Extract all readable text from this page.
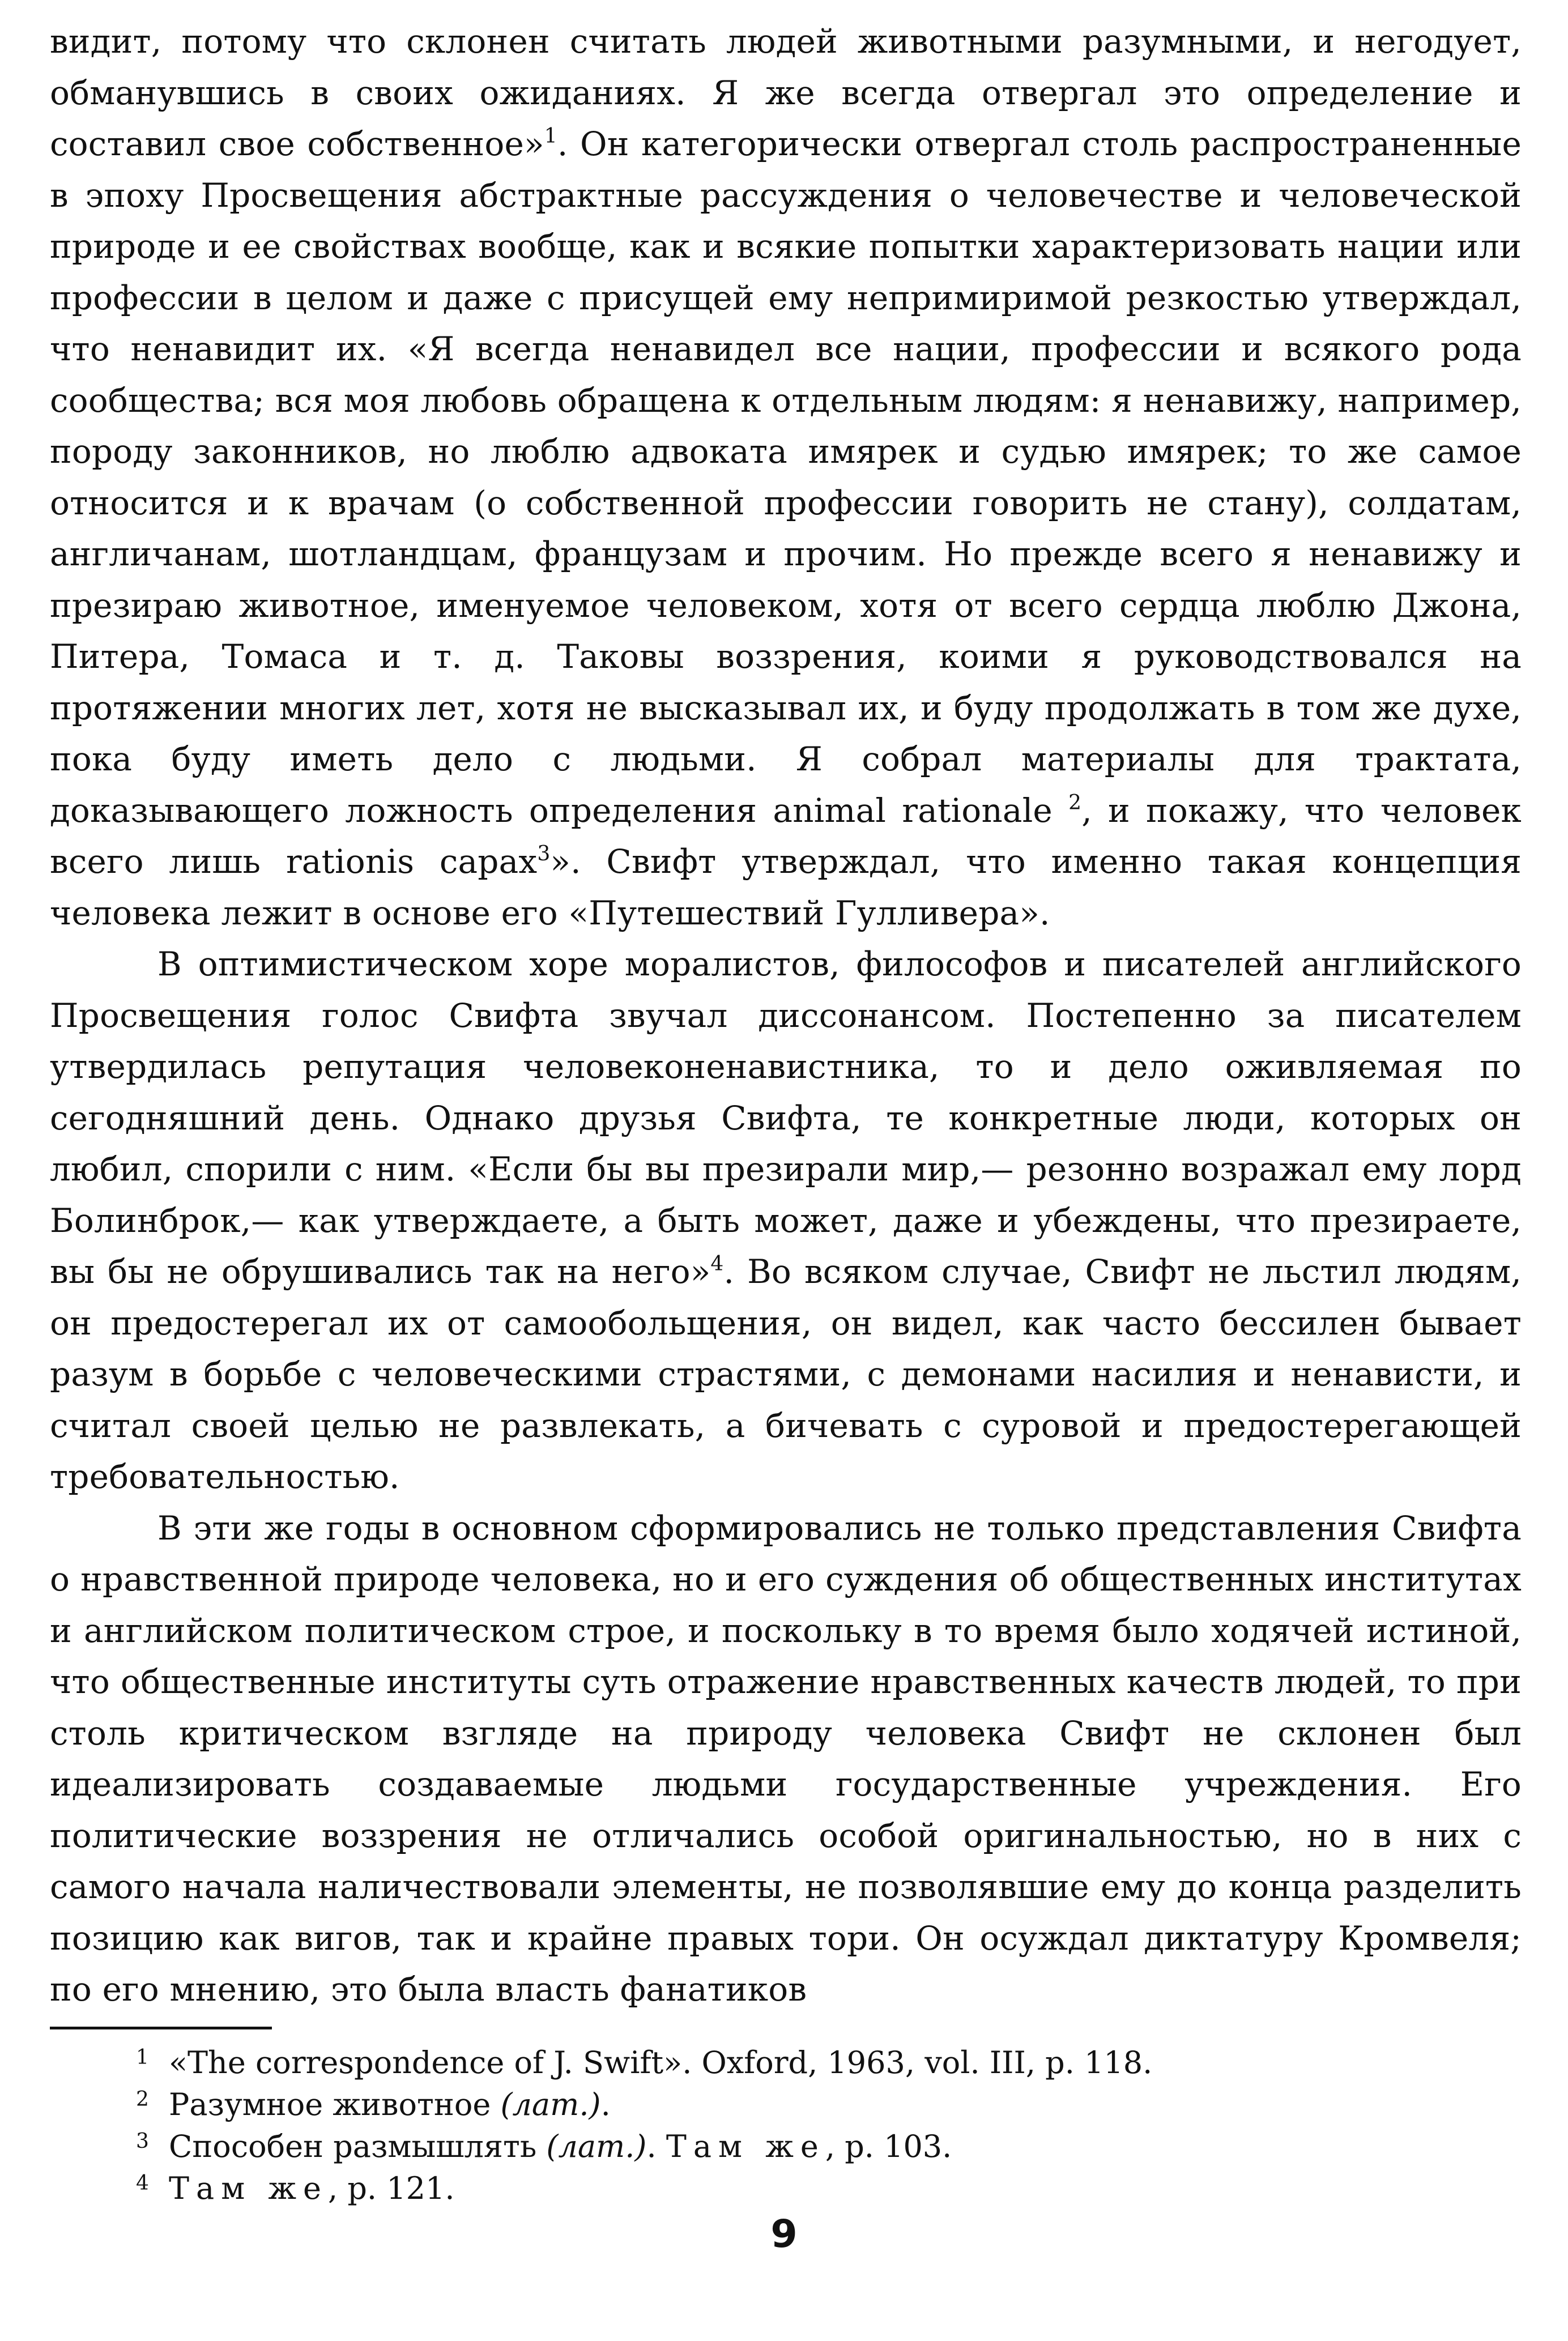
видит, потому что склонен считать людей животными разумными, и негодует, обманувшись в своих ожиданиях. Я же всегда отвергал это определение и составил свое собственное»$^1$. Он категорически отвергал столь распространенные в эпоху Просвещения абстрактные рассуждения о человечестве и человеческой природе и ее свойствах вообще, как и всякие попытки характеризовать нации или профессии в целом и даже с присущей ему непримиримой резкостью утверждал, что ненавидит их. «Я всегда ненавидел все нации, профессии и всякого рода сообщества; вся моя любовь обращена к отдельным людям: я ненавижу, например, породу законников, но люблю адвоката имярек и судью имярек; то же самое относится и к врачам (о собственной профессии говорить не стану), солдатам, англичанам, шотландцам, французам и прочим. Но прежде всего я ненавижу и презираю животное, именуемое человеком, хотя от всего сердца люблю Джона, Питера, Томаса и т. д. Таковы воззрения, коими я руководствовался на протяжении многих лет, хотя не высказывал их, и буду продолжать в том же духе, пока буду иметь дело с людьми. Я собрал материалы для трактата, доказывающего ложность определения animal rationale $^2$, и покажу, что человек всего лишь rationis capax$^3$». Свифт утверждал, что именно такая концепция человека лежит в основе его «Путешествий Гулливера».

В оптимистическом хоре моралистов, философов и писателей английского Просвещения голос Свифта звучал диссонансом. Постепенно за писателем утвердилась репутация человеконенавистника, то и дело оживляемая по сегодняшний день. Однако друзья Свифта, те конкретные люди, которых он любил, спорили с ним. «Если бы вы презирали мир,— резонно возражал ему лорд Болинброк,— как утверждаете, а быть может, даже и убеждены, что презираете, вы бы не обрушивались так на него»$^4$. Во всяком случае, Свифт не льстил людям, он предостерегал их от самообольщения, он видел, как часто бессилен бывает разум в борьбе с человеческими страстями, с демонами насилия и ненависти, и считал своей целью не развлекать, а бичевать с суровой и предостерегающей требовательностью.

В эти же годы в основном сформировались не только представления Свифта о нравственной природе человека, но и его суждения об общественных институтах и английском политическом строе, и поскольку в то время было ходячей истиной, что общественные институты суть отражение нравственных качеств людей, то при столь критическом взгляде на природу человека Свифт не склонен был идеализировать создаваемые людьми государственные учреждения. Его политические воззрения не отличались особой оригинальностью, но в них с самого начала наличествовали элементы, не позволявшие ему до конца разделить позицию как вигов, так и крайне правых тори. Он осуждал диктатуру Кромвеля; по его мнению, это была власть фанатиков

1 «The correspondence of J. Swift». Oxford, 1963, vol. III, p. 118.
2 Разумное животное (лат.).
3 Способен размышлять (лат.). Там же, p. 103.
4 Там же, p. 121.
9
